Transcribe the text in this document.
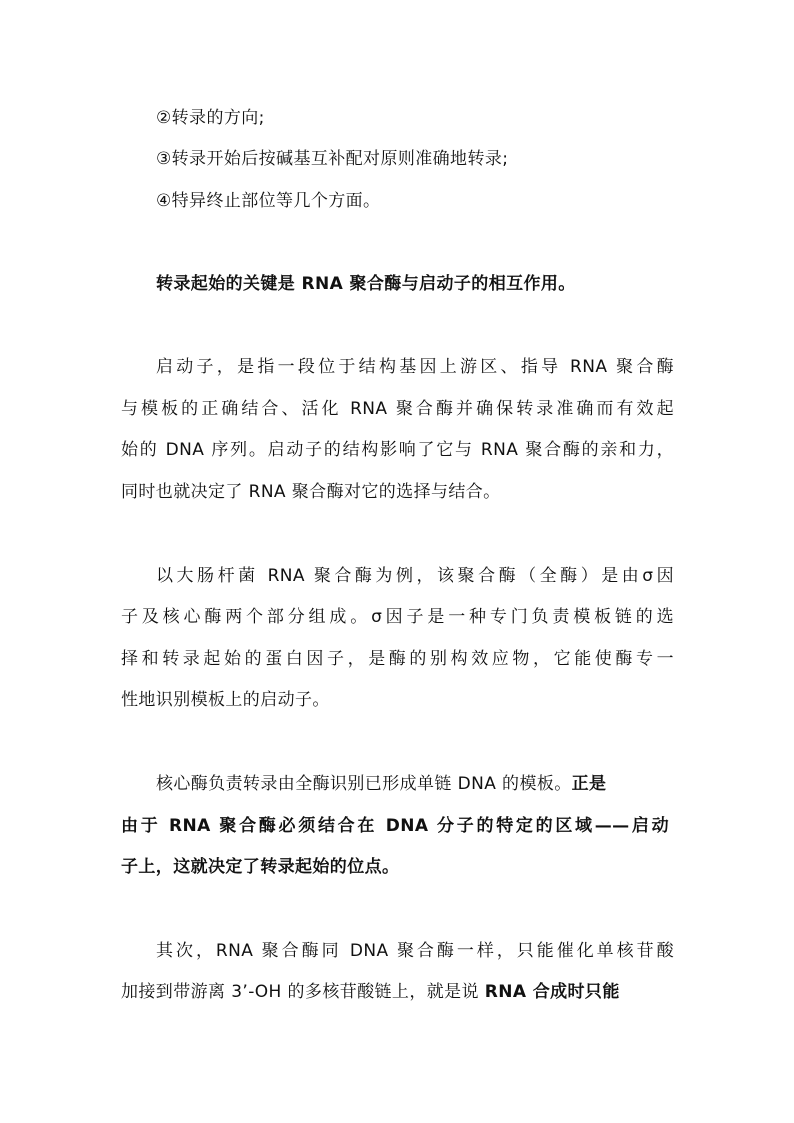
②转录的方向;
③转录开始后按碱基互补配对原则准确地转录;
④特异终止部位等几个方面。
转录起始的关键是 RNA 聚合酶与启动子的相互作用。
启动子，是指一段位于结构基因上游区、指导 RNA 聚合酶
与模板的正确结合、活化 RNA 聚合酶并确保转录准确而有效起
始的 DNA 序列。启动子的结构影响了它与 RNA 聚合酶的亲和力，
同时也就决定了 RNA 聚合酶对它的选择与结合。
以大肠杆菌 RNA 聚合酶为例，该聚合酶（全酶）是由σ因
子及核心酶两个部分组成。σ因子是一种专门负责模板链的选
择和转录起始的蛋白因子，是酶的别构效应物，它能使酶专一
性地识别模板上的启动子。
核心酶负责转录由全酶识别已形成单链 DNA 的模板。正是
由于 RNA 聚合酶必须结合在 DNA 分子的特定的区域——启动
子上，这就决定了转录起始的位点。
其次，RNA 聚合酶同 DNA 聚合酶一样，只能催化单核苷酸
加接到带游离 3’-OH 的多核苷酸链上，就是说 RNA 合成时只能
